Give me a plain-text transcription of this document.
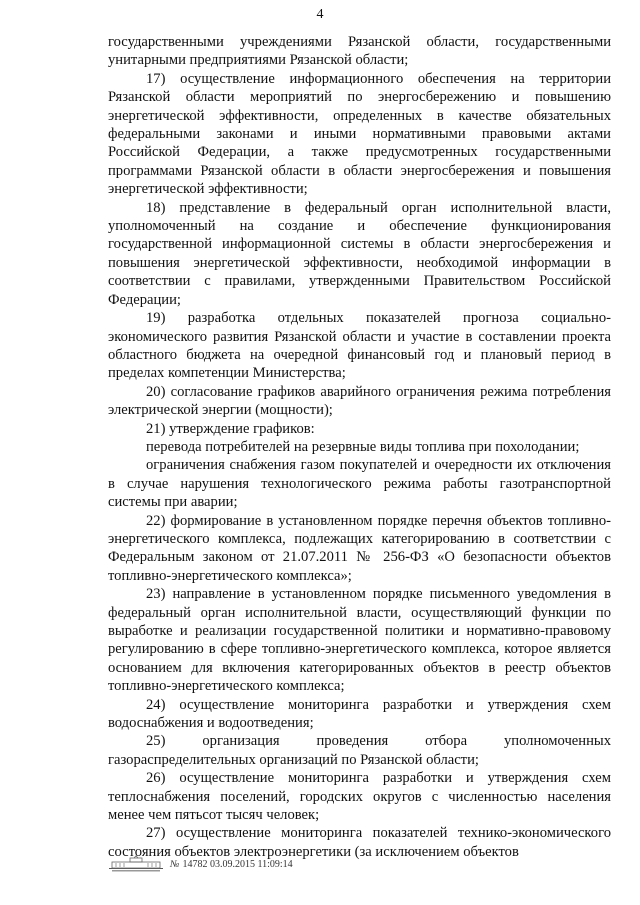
4

государственными учреждениями Рязанской области, государственными унитарными предприятиями Рязанской области;

17) осуществление информационного обеспечения на территории Рязанской области мероприятий по энергосбережению и повышению энергетической эффективности, определенных в качестве обязательных федеральными законами и иными нормативными правовыми актами Российской Федерации, а также предусмотренных государственными программами Рязанской области в области энергосбережения и повышения энергетической эффективности;

18) представление в федеральный орган исполнительной власти, уполномоченный на создание и обеспечение функционирования государственной информационной системы в области энергосбережения и повышения энергетической эффективности, необходимой информации в соответствии с правилами, утвержденными Правительством Российской Федерации;

19) разработка отдельных показателей прогноза социально-экономического развития Рязанской области и участие в составлении проекта областного бюджета на очередной финансовый год и плановый период в пределах компетенции Министерства;

20) согласование графиков аварийного ограничения режима потребления электрической энергии (мощности);

21) утверждение графиков:

перевода потребителей на резервные виды топлива при похолодании;

ограничения снабжения газом покупателей и очередности их отключения в случае нарушения технологического режима работы газотранспортной системы при аварии;

22) формирование в установленном порядке перечня объектов топливно-энергетического комплекса, подлежащих категорированию в соответствии с Федеральным законом от 21.07.2011 № 256-ФЗ «О безопасности объектов топливно-энергетического комплекса»;

23) направление в установленном порядке письменного уведомления в федеральный орган исполнительной власти, осуществляющий функции по выработке и реализации государственной политики и нормативно-правовому регулированию в сфере топливно-энергетического комплекса, которое является основанием для включения категорированных объектов в реестр объектов топливно-энергетического комплекса;

24) осуществление мониторинга разработки и утверждения схем водоснабжения и водоотведения;

25) организация проведения отбора уполномоченных газораспределительных организаций по Рязанской области;

26) осуществление мониторинга разработки и утверждения схем теплоснабжения поселений, городских округов с численностью населения менее чем пятьсот тысяч человек;

27) осуществление мониторинга показателей технико-экономического состояния объектов электроэнергетики (за исключением объектов

№ 14782
03.09.2015
11:09:14
